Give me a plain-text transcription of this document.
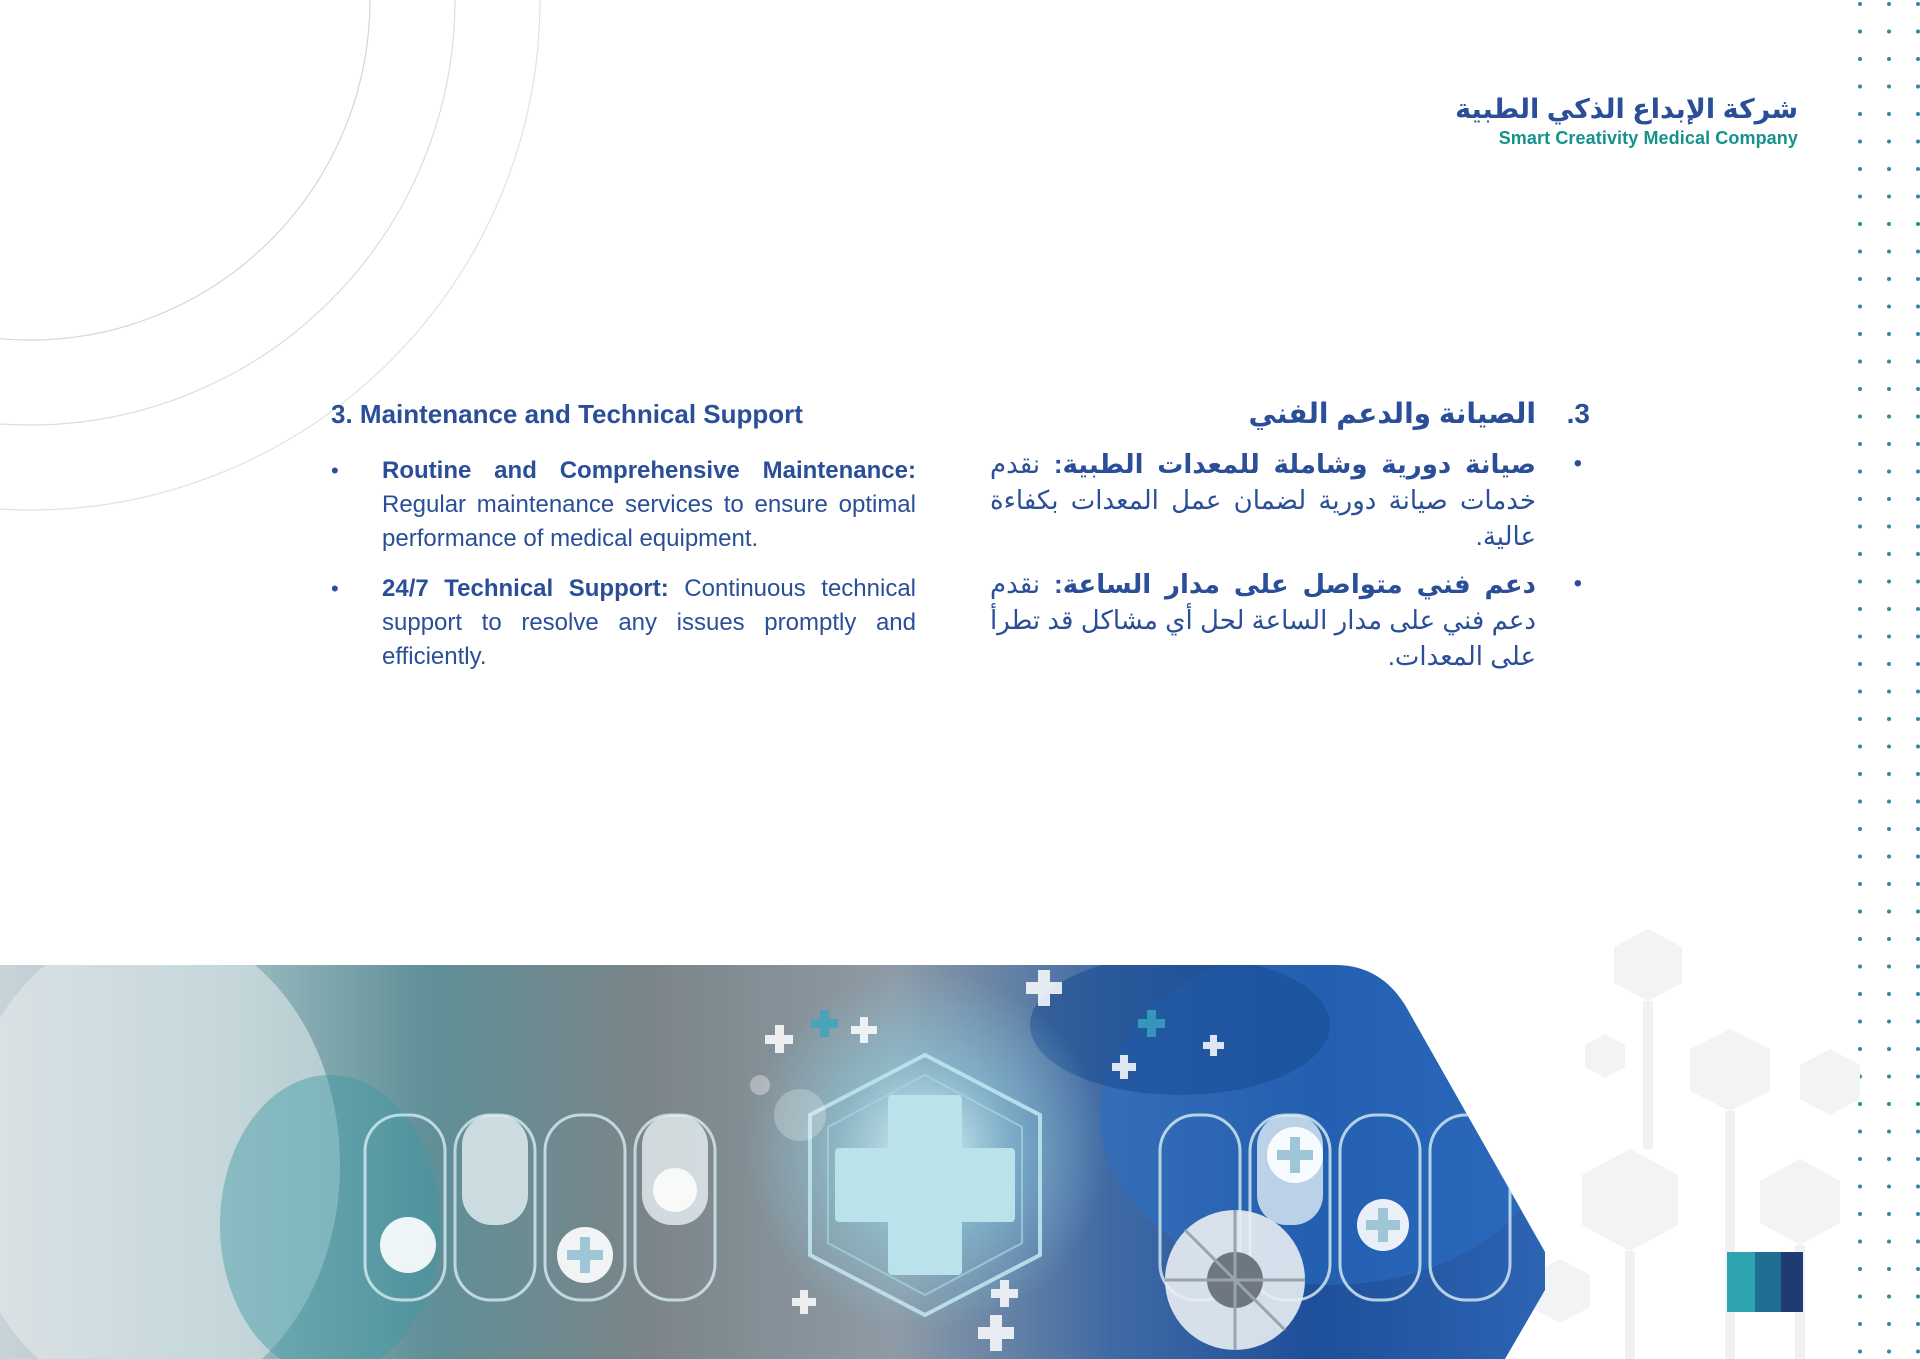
شركة الإبداع الذكي الطبية
Smart Creativity Medical Company
3. Maintenance and Technical Support
• Routine and Comprehensive Maintenance: Regular maintenance services to ensure optimal performance of medical equipment.
• 24/7 Technical Support: Continuous technical support to resolve any issues promptly and efficiently.
3.الصيانة والدعم الفني
• صيانة دورية وشاملة للمعدات الطبية: نقدم خدمات صيانة دورية لضمان عمل المعدات بكفاءة عالية.
• دعم فني متواصل على مدار الساعة: نقدم دعم فني على مدار الساعة لحل أي مشاكل قد تطرأ على المعدات.
